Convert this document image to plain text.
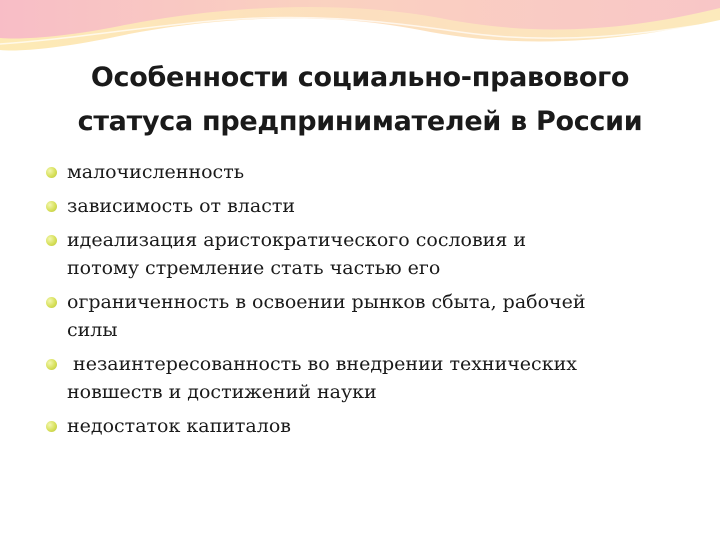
Особенности социально-правового
статуса предпринимателей в России
малочисленность
зависимость от власти
идеализация аристократического сословия и
потому стремление стать частью его
ограниченность в освоении рынков сбыта, рабочей
силы
незаинтересованность во внедрении технических
новшеств и достижений науки
недостаток капиталов
